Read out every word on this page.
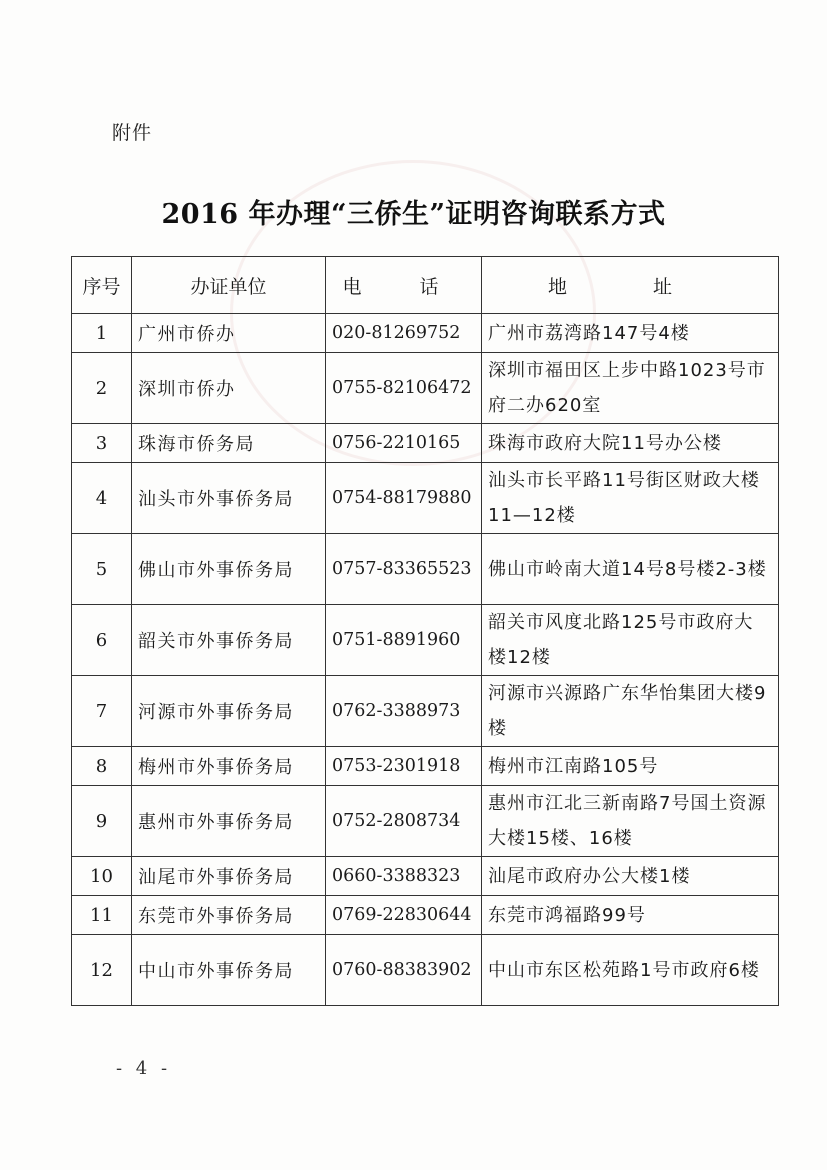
附件
2016 年办理“三侨生”证明咨询联系方式
序号	办证单位	电 话	地 址
1	广州市侨办	020-81269752	广州市荔湾路147号4楼
2	深圳市侨办	0755-82106472	深圳市福田区上步中路1023号市府二办620室
3	珠海市侨务局	0756-2210165	珠海市政府大院11号办公楼
4	汕头市外事侨务局	0754-88179880	汕头市长平路11号街区财政大楼11—12楼
5	佛山市外事侨务局	0757-83365523	佛山市岭南大道14号8号楼2-3楼
6	韶关市外事侨务局	0751-8891960	韶关市风度北路125号市政府大楼12楼
7	河源市外事侨务局	0762-3388973	河源市兴源路广东华怡集团大楼9楼
8	梅州市外事侨务局	0753-2301918	梅州市江南路105号
9	惠州市外事侨务局	0752-2808734	惠州市江北三新南路7号国土资源大楼15楼、16楼
10	汕尾市外事侨务局	0660-3388323	汕尾市政府办公大楼1楼
11	东莞市外事侨务局	0769-22830644	东莞市鸿福路99号
12	中山市外事侨务局	0760-88383902	中山市东区松苑路1号市政府6楼
- 4 -
